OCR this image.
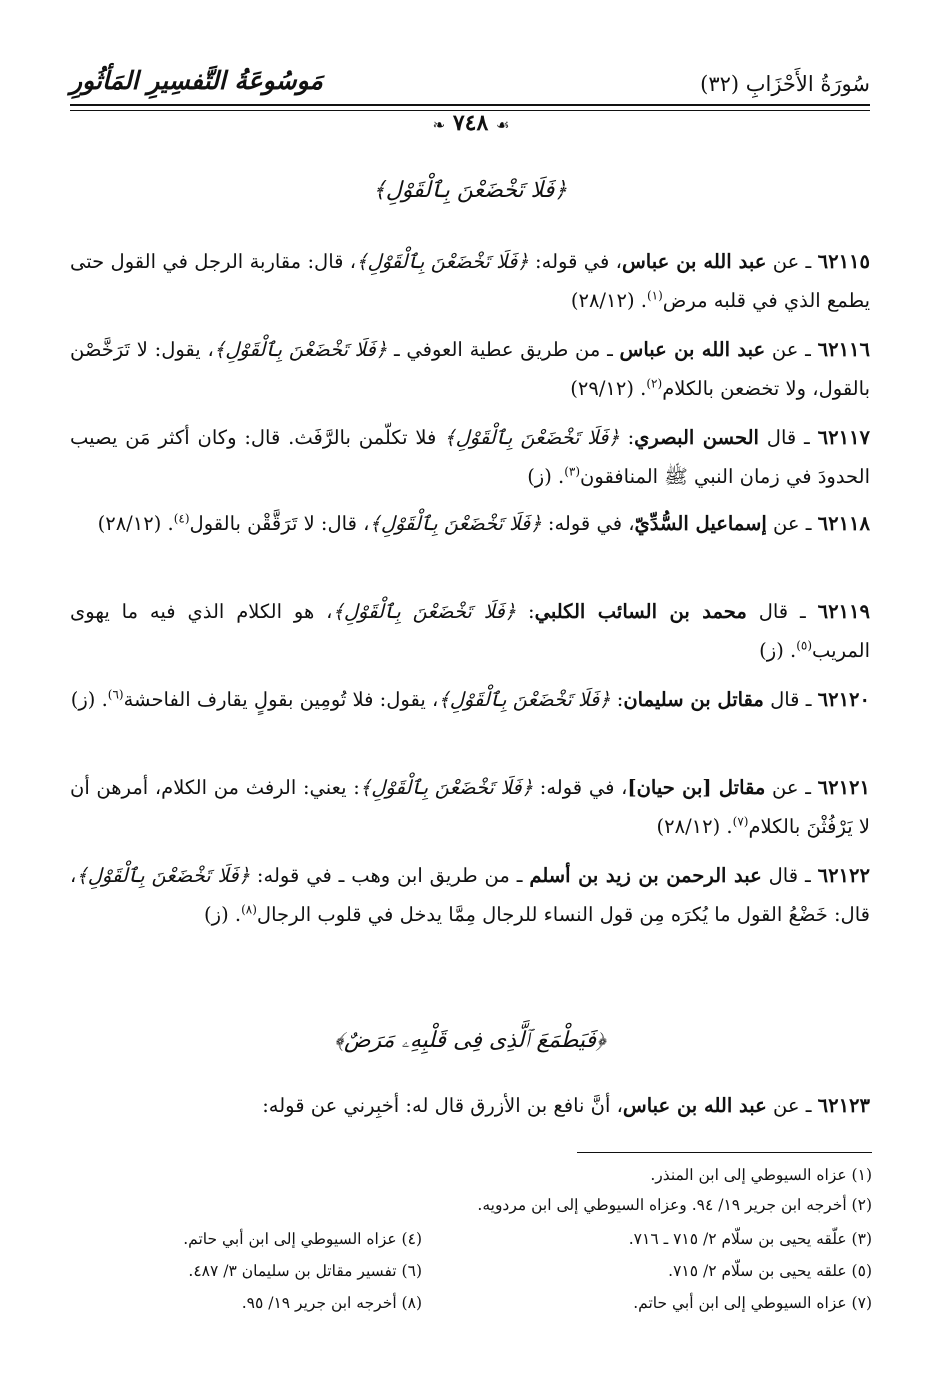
سُورَةُ الأَحْزَابِ (٣٢)
مَوسُوعَةُ التَّفسِيرِ المَأثُورِ
❧ ٧٤٨ ☙
﴿فَلَا تَخْضَعْنَ بِٱلْقَوْلِ﴾
٦٢١١٥ ـ عن عبد الله بن عباس، في قوله: ﴿فَلَا تَخْضَعْنَ بِٱلْقَوْلِ﴾، قال: مقاربة الرجل في القول حتى يطمع الذي في قلبه مرض$^{(١)}$. (٢٨/١٢)
٦٢١١٦ ـ عن عبد الله بن عباس ـ من طريق عطية العوفي ـ ﴿فَلَا تَخْضَعْنَ بِٱلْقَوْلِ﴾، يقول: لا تَرَخَّصْن بالقول، ولا تخضعن بالكلام$^{(٢)}$. (٢٩/١٢)
٦٢١١٧ ـ قال الحسن البصري: ﴿فَلَا تَخْضَعْنَ بِٱلْقَوْلِ﴾ فلا تكلّمن بالرَّفَث. قال: وكان أكثر مَن يصيب الحدودَ في زمان النبي ﷺ المنافقون$^{(٣)}$. (ز)
٦٢١١٨ ـ عن إسماعيل السُّدِّيّ، في قوله: ﴿فَلَا تَخْضَعْنَ بِٱلْقَوْلِ﴾، قال: لا تَرَقَّقْن بالقول$^{(٤)}$. (٢٨/١٢)
٦٢١١٩ ـ قال محمد بن السائب الكلبي: ﴿فَلَا تَخْضَعْنَ بِٱلْقَوْلِ﴾، هو الكلام الذي فيه ما يهوى المريب$^{(٥)}$. (ز)
٦٢١٢٠ ـ قال مقاتل بن سليمان: ﴿فَلَا تَخْضَعْنَ بِٱلْقَوْلِ﴾، يقول: فلا تُومِين بقولٍ يقارف الفاحشة$^{(٦)}$. (ز)
٦٢١٢١ ـ عن مقاتل [بن حيان]، في قوله: ﴿فَلَا تَخْضَعْنَ بِٱلْقَوْلِ﴾: يعني: الرفث من الكلام، أمرهن أن لا يَرْفُثْنَ بالكلام$^{(٧)}$. (٢٨/١٢)
٦٢١٢٢ ـ قال عبد الرحمن بن زيد بن أسلم ـ من طريق ابن وهب ـ في قوله: ﴿فَلَا تَخْضَعْنَ بِٱلْقَوْلِ﴾، قال: خَضْعُ القول ما يُكرَه مِن قول النساء للرجال مِمَّا يدخل في قلوب الرجال$^{(٨)}$. (ز)
﴿فَيَطْمَعَ ٱلَّذِى فِى قَلْبِهِۦ مَرَضٌ﴾
٦٢١٢٣ ـ عن عبد الله بن عباس، أنَّ نافع بن الأزرق قال له: أخبِرني عن قوله:
(١) عزاه السيوطي إلى ابن المنذر.
(٢) أخرجه ابن جرير ١٩/ ٩٤. وعزاه السيوطي إلى ابن مردويه.
(٣) علّقه يحيى بن سلّام ٢/ ٧١٥ ـ ٧١٦.
(٤) عزاه السيوطي إلى ابن أبي حاتم.
(٥) علقه يحيى بن سلّام ٢/ ٧١٥.
(٦) تفسير مقاتل بن سليمان ٣/ ٤٨٧.
(٧) عزاه السيوطي إلى ابن أبي حاتم.
(٨) أخرجه ابن جرير ١٩/ ٩٥.
